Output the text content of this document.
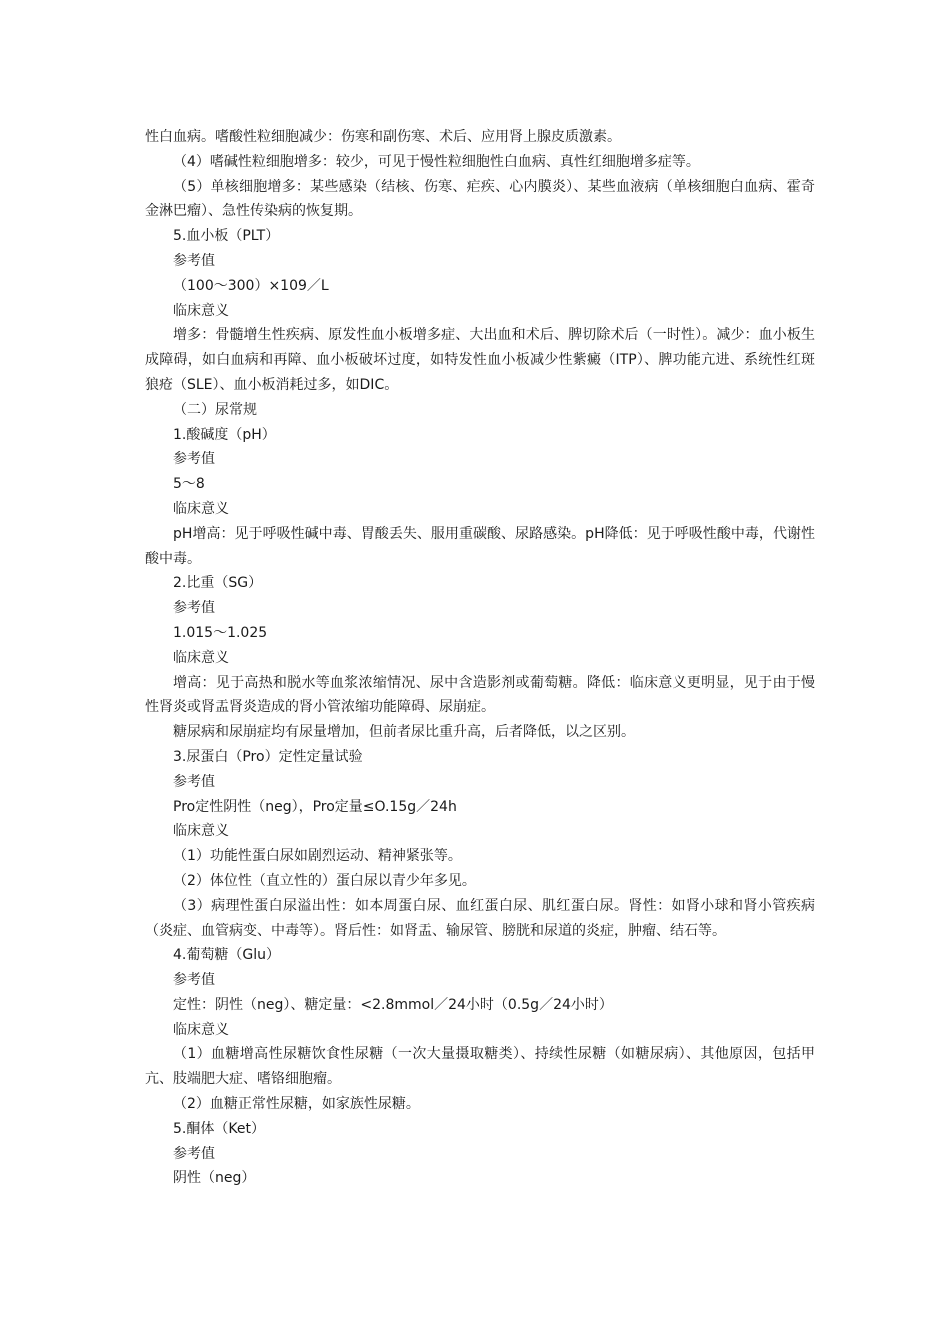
性白血病。嗜酸性粒细胞减少：伤寒和副伤寒、术后、应用肾上腺皮质激素。

（4）嗜碱性粒细胞增多：较少，可见于慢性粒细胞性白血病、真性红细胞增多症等。

（5）单核细胞增多：某些感染（结核、伤寒、疟疾、心内膜炎）、某些血液病（单核细胞白血病、霍奇金淋巴瘤）、急性传染病的恢复期。

5.血小板（PLT）

参考值

（100～300）×109／L

临床意义

增多：骨髓增生性疾病、原发性血小板增多症、大出血和术后、脾切除术后（一时性）。减少：血小板生成障碍，如白血病和再障、血小板破坏过度，如特发性血小板减少性紫癜（ITP）、脾功能亢进、系统性红斑狼疮（SLE）、血小板消耗过多，如DIC。

（二）尿常规

1.酸碱度（pH）

参考值

5～8

临床意义

pH增高：见于呼吸性碱中毒、胃酸丢失、服用重碳酸、尿路感染。pH降低：见于呼吸性酸中毒，代谢性酸中毒。

2.比重（SG）

参考值

1.015～1.025

临床意义

增高：见于高热和脱水等血浆浓缩情况、尿中含造影剂或葡萄糖。降低：临床意义更明显，见于由于慢性肾炎或肾盂肾炎造成的肾小管浓缩功能障碍、尿崩症。

糖尿病和尿崩症均有尿量增加，但前者尿比重升高，后者降低，以之区别。

3.尿蛋白（Pro）定性定量试验

参考值

Pro定性阴性（neg），Pro定量≤O.15g／24h

临床意义

（1）功能性蛋白尿如剧烈运动、精神紧张等。

（2）体位性（直立性的）蛋白尿以青少年多见。

（3）病理性蛋白尿溢出性：如本周蛋白尿、血红蛋白尿、肌红蛋白尿。肾性：如肾小球和肾小管疾病（炎症、血管病变、中毒等）。肾后性：如肾盂、输尿管、膀胱和尿道的炎症，肿瘤、结石等。

4.葡萄糖（Glu）

参考值

定性：阴性（neg）、糖定量：<2.8mmol／24小时（0.5g／24小时）

临床意义

（1）血糖增高性尿糖饮食性尿糖（一次大量摄取糖类）、持续性尿糖（如糖尿病）、其他原因，包括甲亢、肢端肥大症、嗜铬细胞瘤。

（2）血糖正常性尿糖，如家族性尿糖。

5.酮体（Ket）

参考值

阴性（neg）
